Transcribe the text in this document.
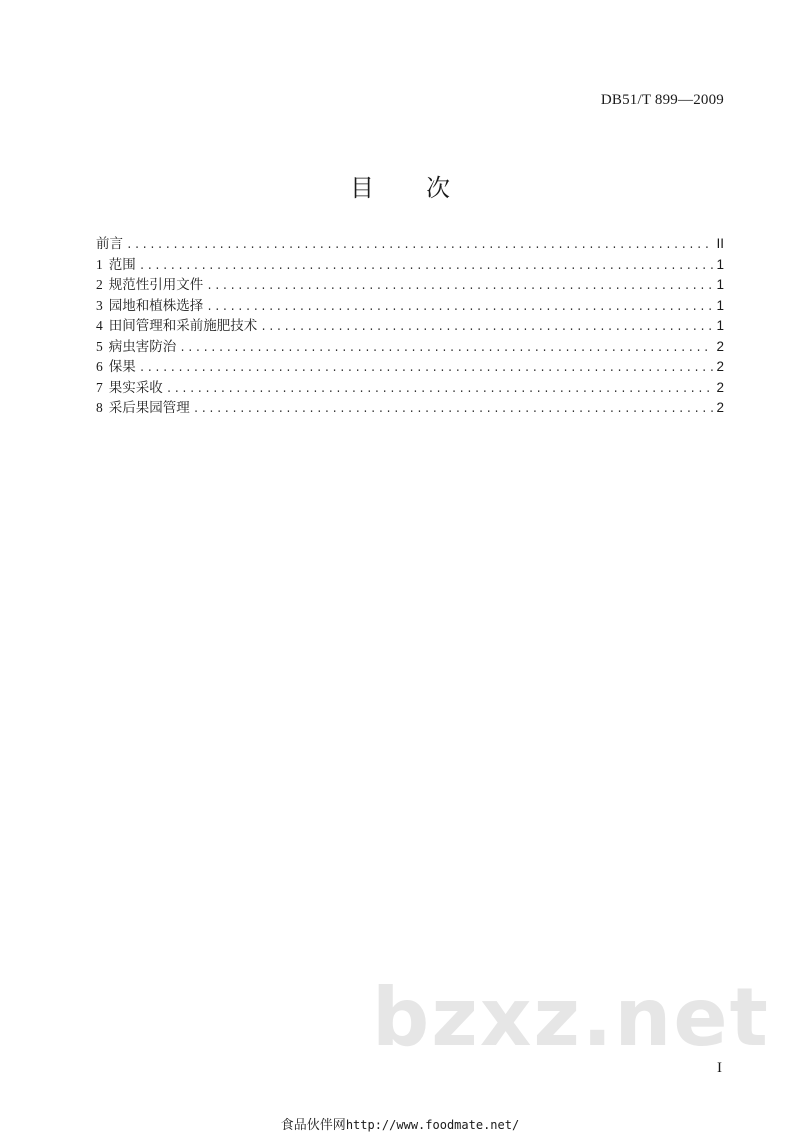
DB51/T 899—2009
目 次
前言 .....	II
1 范围 .....	1
2 规范性引用文件 .....	1
3 园地和植株选择 .....	1
4 田间管理和采前施肥技术 .....	1
5 病虫害防治 .....	2
6 保果 .....	2
7 果实采收 .....	2
8 采后果园管理 .....	2
bzxz.net
I
食品伙伴网http://www.foodmate.net/
